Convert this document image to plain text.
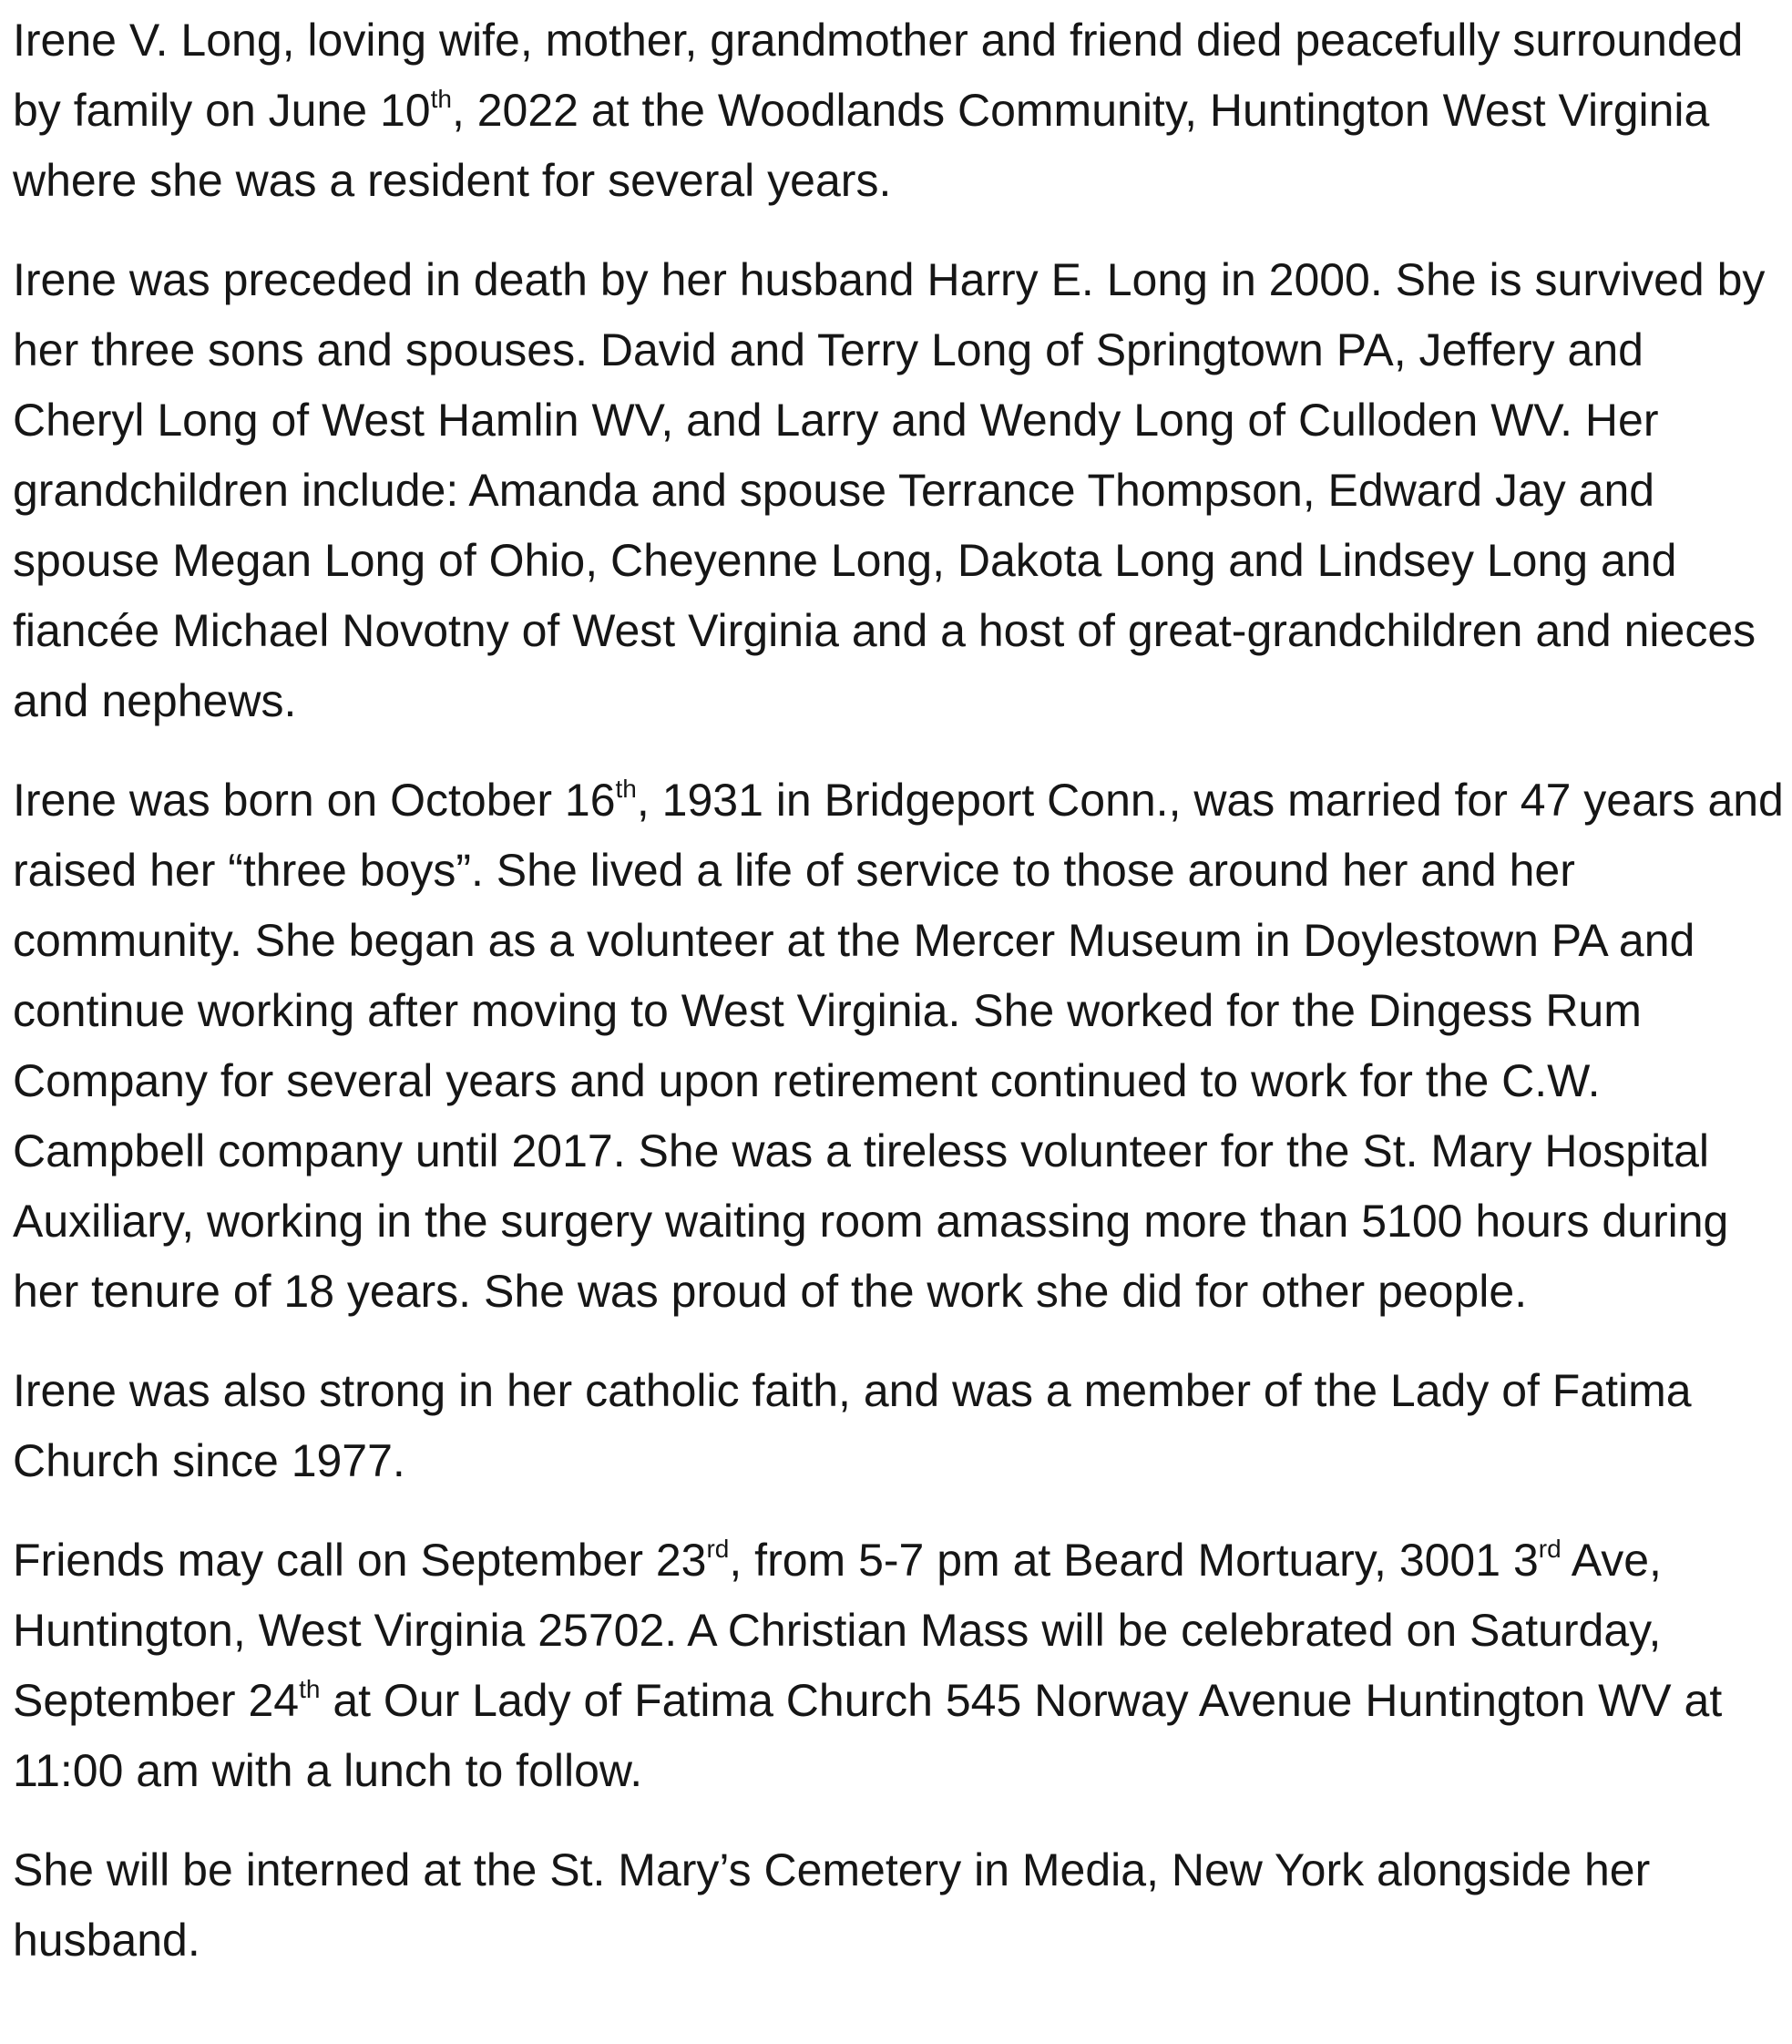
Irene V. Long, loving wife, mother, grandmother and friend died peacefully surrounded by family on June 10th, 2022 at the Woodlands Community, Huntington West Virginia where she was a resident for several years.

Irene was preceded in death by her husband Harry E. Long in 2000. She is survived by her three sons and spouses. David and Terry Long of Springtown PA, Jeffery and Cheryl Long of West Hamlin WV, and Larry and Wendy Long of Culloden WV. Her grandchildren include: Amanda and spouse Terrance Thompson, Edward Jay and spouse Megan Long of Ohio, Cheyenne Long, Dakota Long and Lindsey Long and fiancée Michael Novotny of West Virginia and a host of great-grandchildren and nieces and nephews.

Irene was born on October 16th, 1931 in Bridgeport Conn., was married for 47 years and raised her “three boys”. She lived a life of service to those around her and her community. She began as a volunteer at the Mercer Museum in Doylestown PA and continue working after moving to West Virginia. She worked for the Dingess Rum Company for several years and upon retirement continued to work for the C.W. Campbell company until 2017. She was a tireless volunteer for the St. Mary Hospital Auxiliary, working in the surgery waiting room amassing more than 5100 hours during her tenure of 18 years. She was proud of the work she did for other people.

Irene was also strong in her catholic faith, and was a member of the Lady of Fatima Church since 1977.

Friends may call on September 23rd, from 5-7 pm at Beard Mortuary, 3001 3rd Ave, Huntington, West Virginia 25702. A Christian Mass will be celebrated on Saturday, September 24th at Our Lady of Fatima Church 545 Norway Avenue Huntington WV at 11:00 am with a lunch to follow.

She will be interned at the St. Mary’s Cemetery in Media, New York alongside her husband.
